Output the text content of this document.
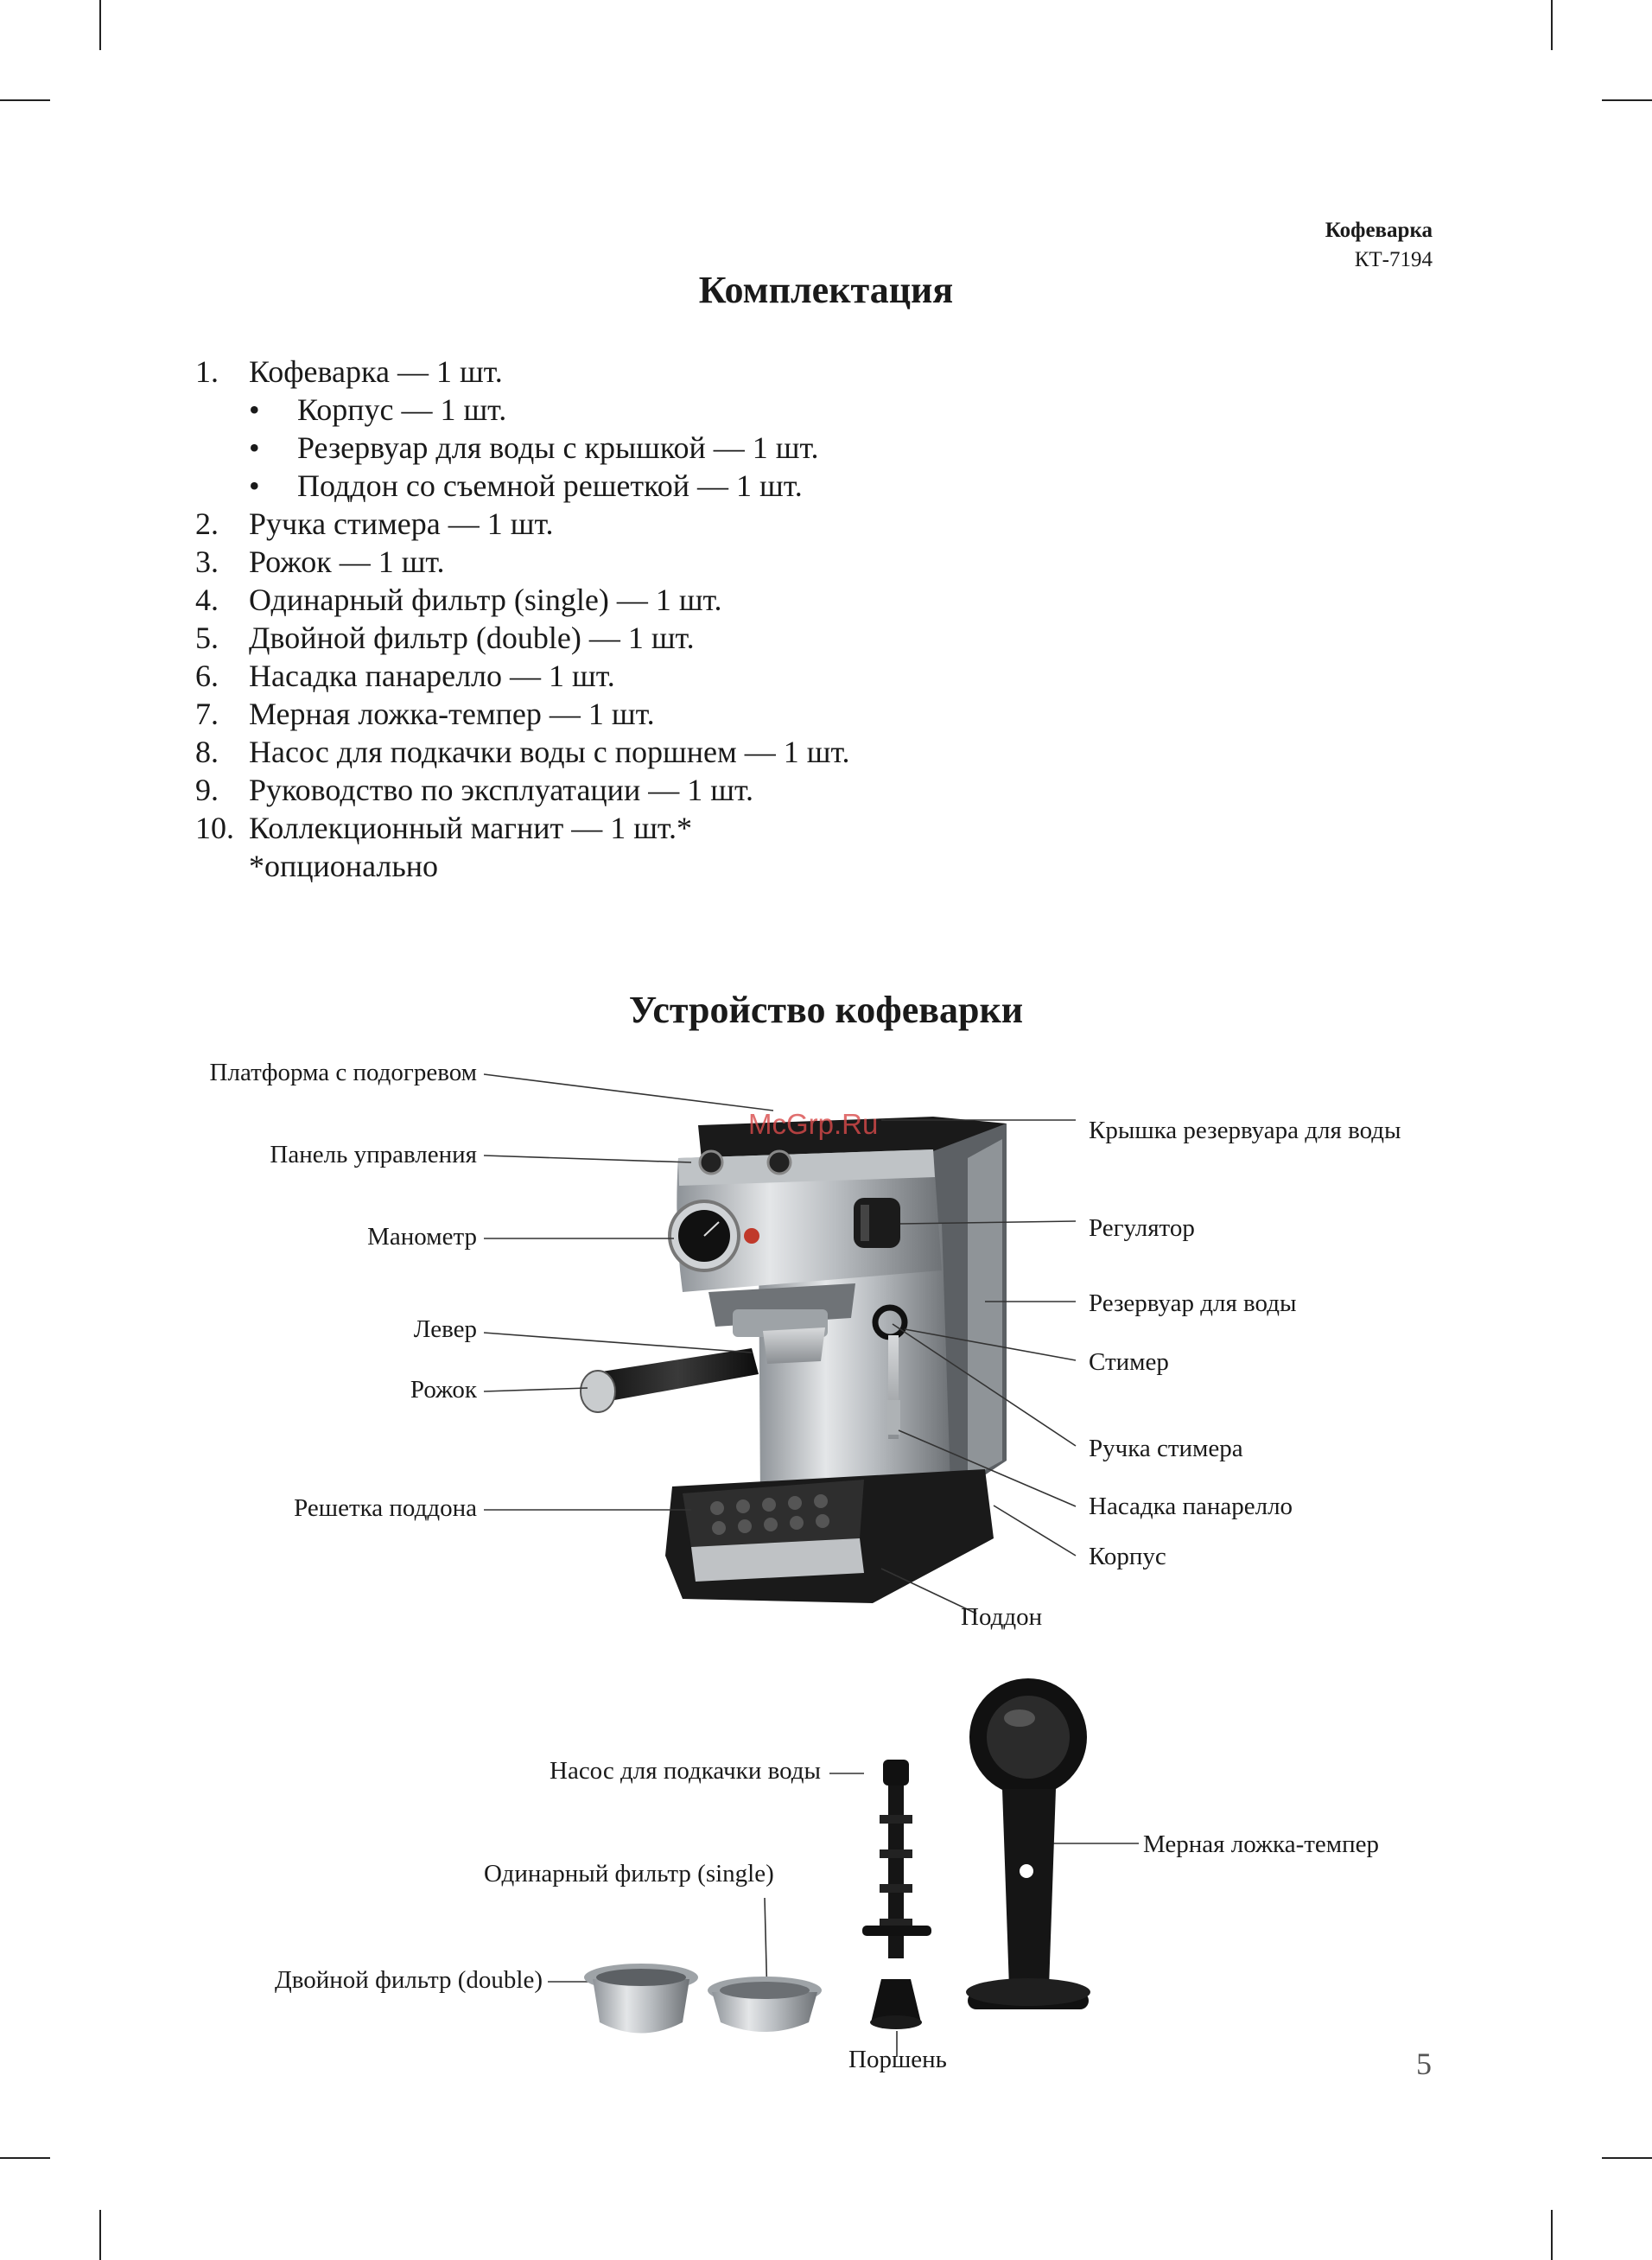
Кофеварка
КТ-7194
Комплектация
1. Кофеварка — 1 шт.
• Корпус — 1 шт.
• Резервуар для воды с крышкой — 1 шт.
• Поддон со съемной решеткой — 1 шт.
2. Ручка стимера — 1 шт.
3. Рожок — 1 шт.
4. Одинарный фильтр (single) — 1 шт.
5. Двойной фильтр (double) — 1 шт.
6. Насадка панарелло — 1 шт.
7. Мерная ложка-темпер — 1 шт.
8. Насос для подкачки воды с поршнем — 1 шт.
9. Руководство по эксплуатации — 1 шт.
10. Коллекционный магнит — 1 шт.*
*опционально
Устройство кофеварки
Платформа с подогревом
Панель управления
Манометр
Левер
Рожок
Решетка поддона
Крышка резервуара для воды
Регулятор
Резервуар для воды
Стимер
Ручка стимера
Насадка панарелло
Корпус
Поддон
Насос для подкачки воды
Одинарный фильтр (single)
Двойной фильтр (double)
Поршень
Мерная ложка-темпер
McGrp.Ru
5
